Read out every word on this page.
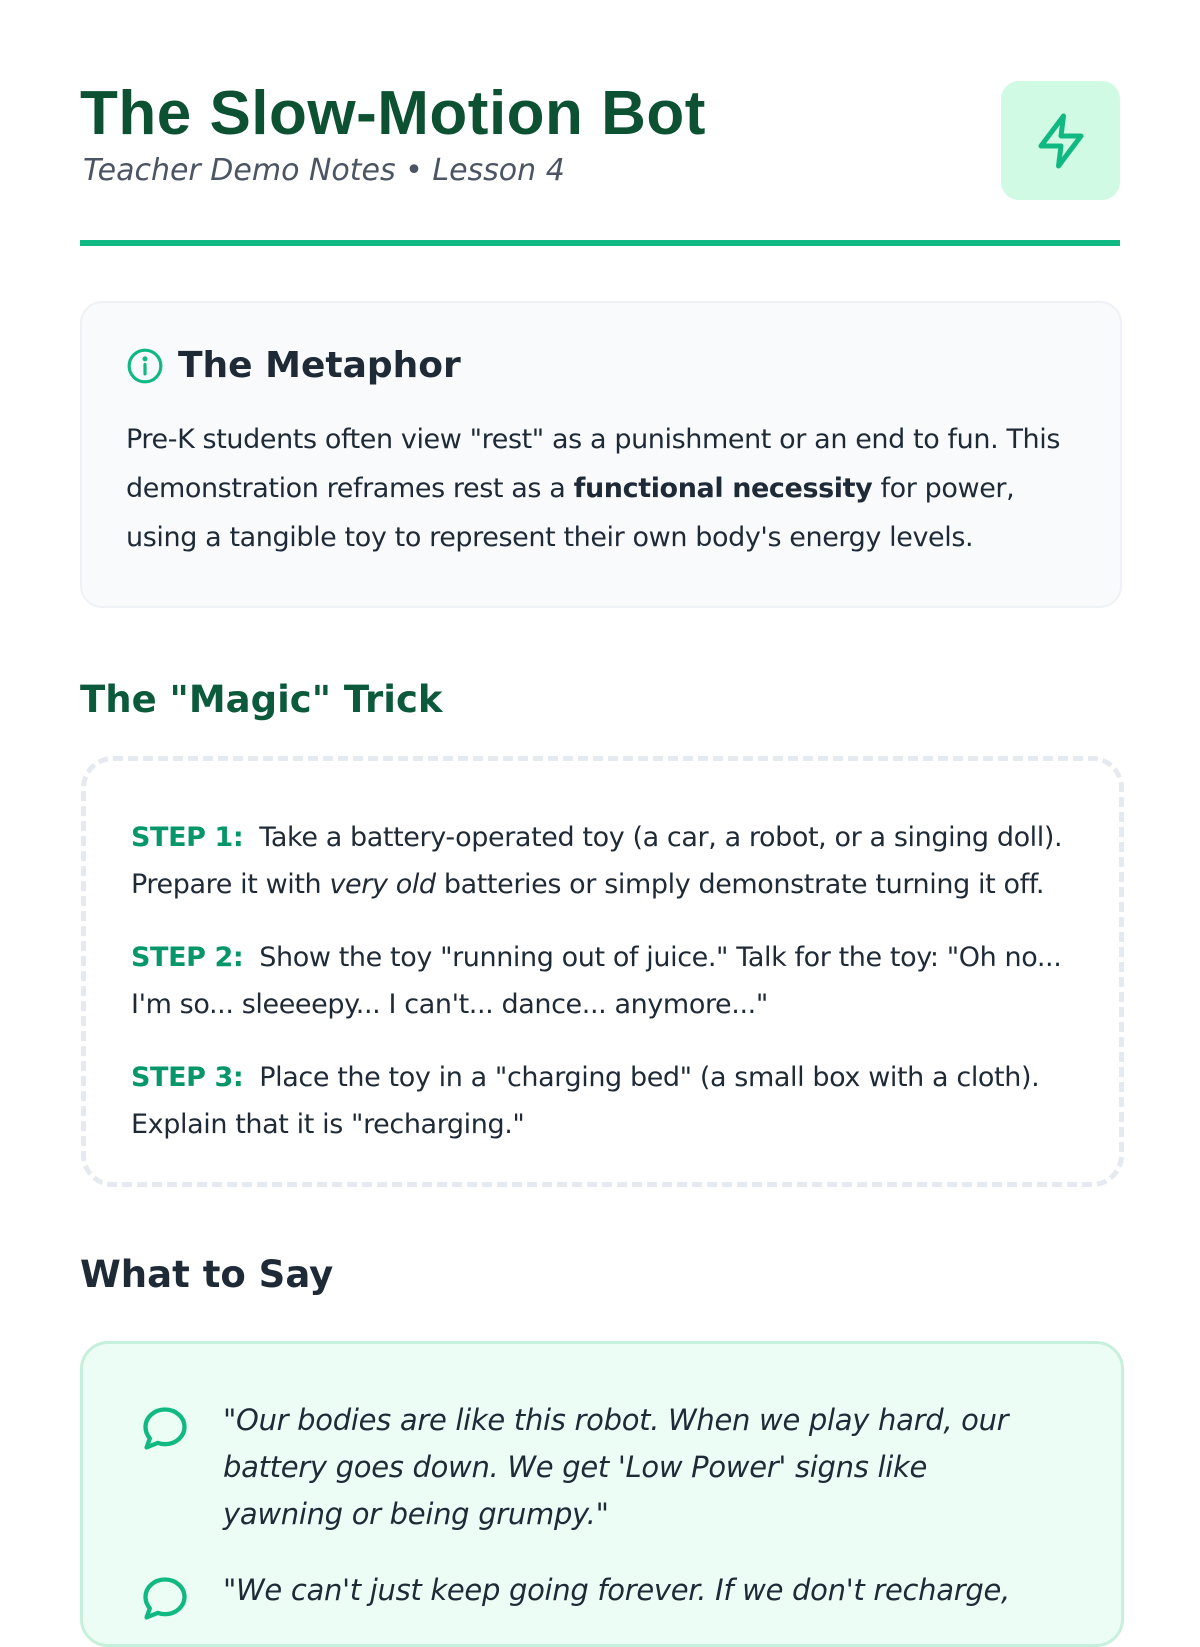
The Slow-Motion Bot
Teacher Demo Notes • Lesson 4
The Metaphor
Pre-K students often view "rest" as a punishment or an end to fun. This demonstration reframes rest as a functional necessity for power, using a tangible toy to represent their own body's energy levels.
The "Magic" Trick
STEP 1: Take a battery-operated toy (a car, a robot, or a singing doll). Prepare it with very old batteries or simply demonstrate turning it off.
STEP 2: Show the toy "running out of juice." Talk for the toy: "Oh no... I'm so... sleeeepy... I can't... dance... anymore..."
STEP 3: Place the toy in a "charging bed" (a small box with a cloth). Explain that it is "recharging."
What to Say
"Our bodies are like this robot. When we play hard, our battery goes down. We get 'Low Power' signs like yawning or being grumpy."
"We can't just keep going forever. If we don't recharge,
